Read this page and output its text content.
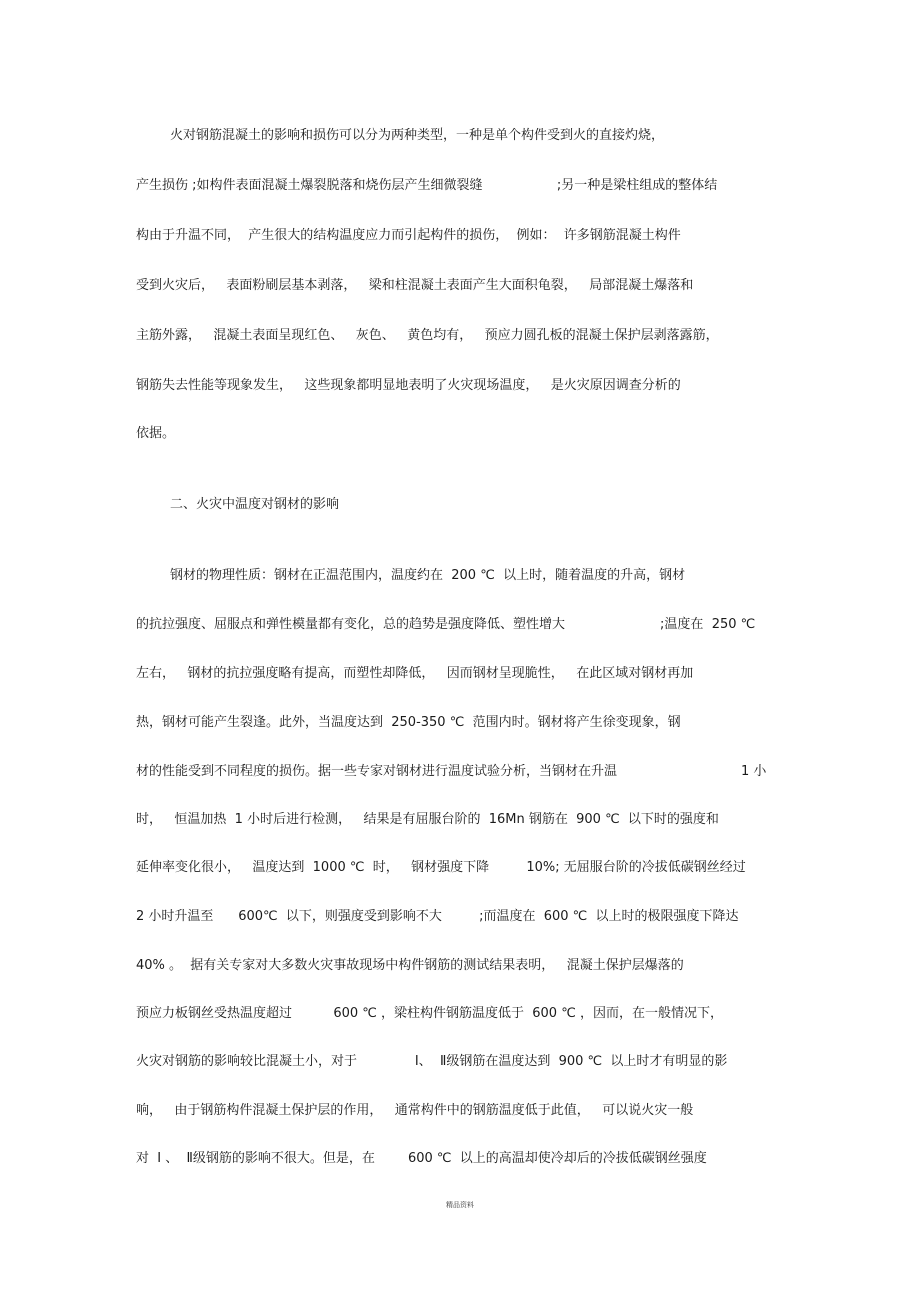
火对钢筋混凝土的影响和损伤可以分为两种类型，一种是单个构件受到火的直接灼烧，
产生损伤 ;如构件表面混凝土爆裂脱落和烧伤层产生细微裂缝                  ;另一种是梁柱组成的整体结
构由于升温不同，  产生很大的结构温度应力而引起构件的损伤，  例如：  许多钢筋混凝土构件
受到火灾后，   表面粉刷层基本剥落，   梁和柱混凝土表面产生大面积龟裂，   局部混凝土爆落和
主筋外露，   混凝土表面呈现红色、   灰色、   黄色均有，   预应力圆孔板的混凝土保护层剥落露筋，
钢筋失去性能等现象发生，   这些现象都明显地表明了火灾现场温度，   是火灾原因调查分析的
依据。
二、火灾中温度对钢材的影响
钢材的物理性质：钢材在正温范围内，温度约在  200 ℃  以上时，随着温度的升高，钢材
的抗拉强度、屈服点和弹性模量都有变化，总的趋势是强度降低、塑性增大                       ;温度在  250 ℃
左右，   钢材的抗拉强度略有提高，而塑性却降低，   因而钢材呈现脆性，   在此区域对钢材再加
热，钢材可能产生裂逢。此外，当温度达到  250-350 ℃  范围内时。钢材将产生徐变现象，钢
材的性能受到不同程度的损伤。据一些专家对钢材进行温度试验分析，当钢材在升温                              1 小
时，   恒温加热  1 小时后进行检测，   结果是有屈服台阶的  16Mn 钢筋在  900 ℃  以下时的强度和
延伸率变化很小，   温度达到  1000 ℃  时，   钢材强度下降         10%; 无屈服台阶的冷拔低碳钢丝经过
2 小时升温至      600℃  以下，则强度受到影响不大         ;而温度在  600 ℃  以上时的极限强度下降达
40% 。  据有关专家对大多数火灾事故现场中构件钢筋的测试结果表明，   混凝土保护层爆落的
预应力板钢丝受热温度超过          600 ℃ ，梁柱构件钢筋温度低于  600 ℃ ，因而，在一般情况下，
火灾对钢筋的影响较比混凝土小，对于              Ⅰ、  Ⅱ级钢筋在温度达到  900 ℃  以上时才有明显的影
响，   由于钢筋构件混凝土保护层的作用，   通常构件中的钢筋温度低于此值，   可以说火灾一般
对  Ⅰ 、  Ⅱ级钢筋的影响不很大。但是，在        600 ℃  以上的高温却使冷却后的冷拔低碳钢丝强度
精品资料
